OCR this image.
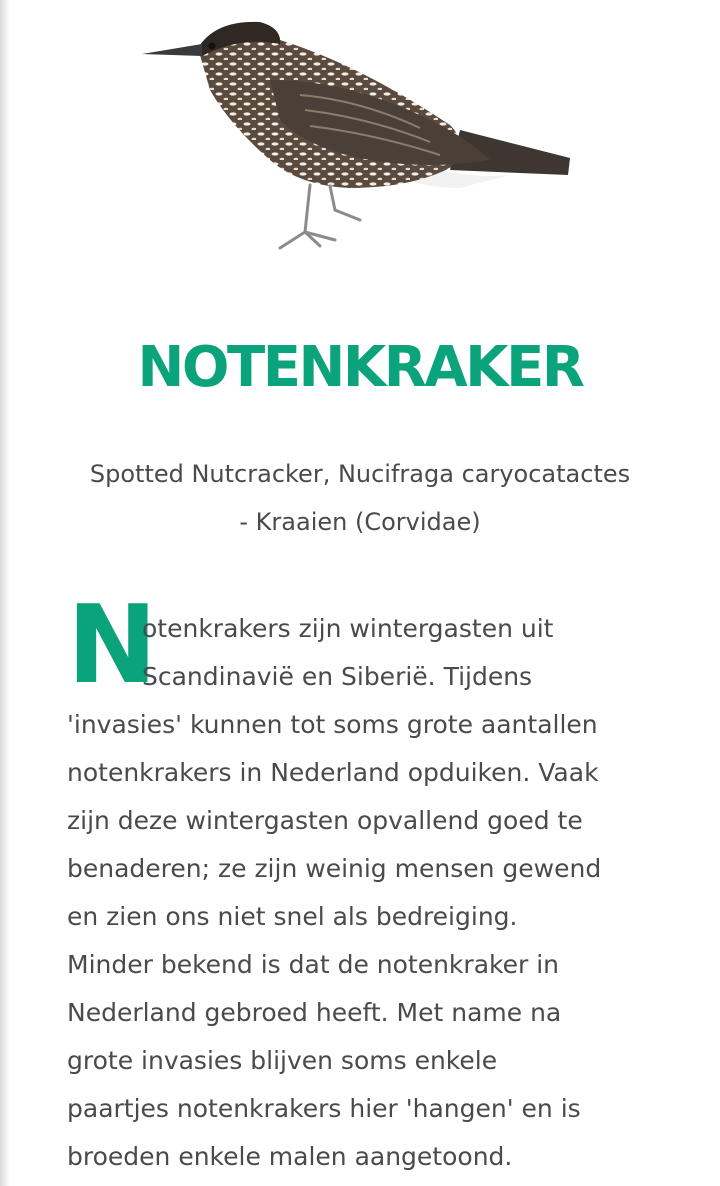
NOTENKRAKER
Spotted Nutcracker, Nucifraga caryocatactes
- Kraaien (Corvidae)
N
otenkrakers zijn wintergasten uit
Scandinavië en Siberië. Tijdens
'invasies' kunnen tot soms grote aantallen
notenkrakers in Nederland opduiken. Vaak
zijn deze wintergasten opvallend goed te
benaderen; ze zijn weinig mensen gewend
en zien ons niet snel als bedreiging.
Minder bekend is dat de notenkraker in
Nederland gebroed heeft. Met name na
grote invasies blijven soms enkele
paartjes notenkrakers hier 'hangen' en is
broeden enkele malen aangetoond.
